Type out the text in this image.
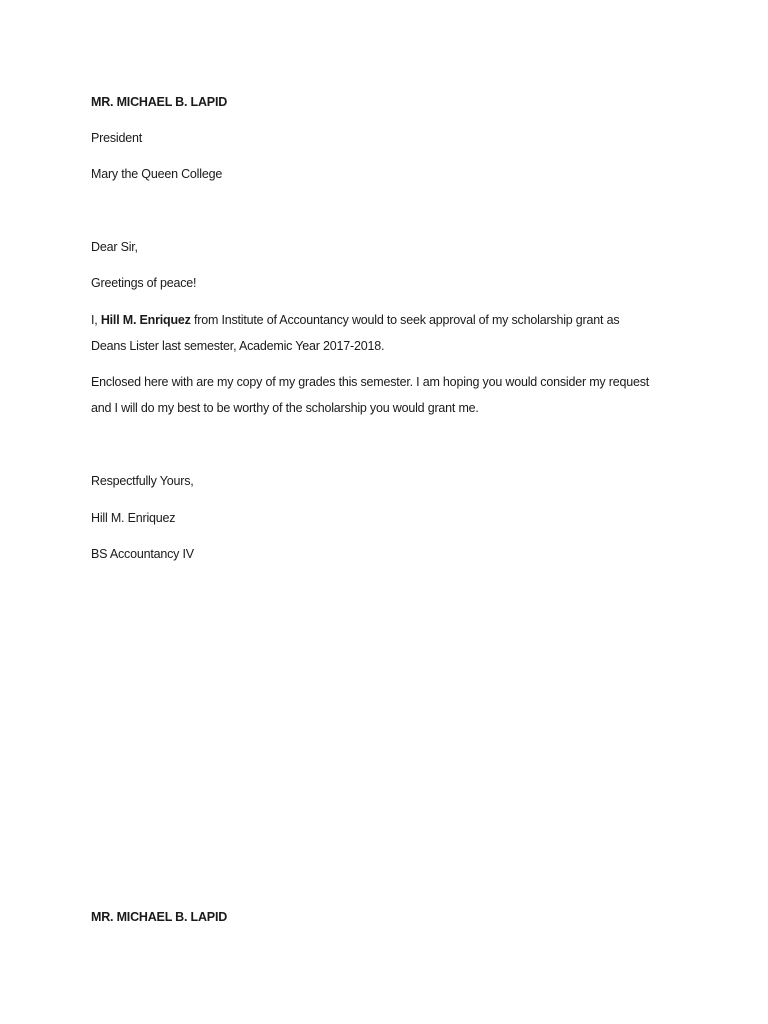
MR. MICHAEL B. LAPID
President
Mary the Queen College
Dear Sir,
Greetings of peace!

I, Hill M. Enriquez from Institute of Accountancy would to seek approval of my scholarship grant as

Deans Lister last semester, Academic Year 2017-2018.

Enclosed here with are my copy of my grades this semester. I am hoping you would consider my request

and I will do my best to be worthy of the scholarship you would grant me.

Respectfully Yours,
Hill M. Enriquez
BS Accountancy IV
MR. MICHAEL B. LAPID
